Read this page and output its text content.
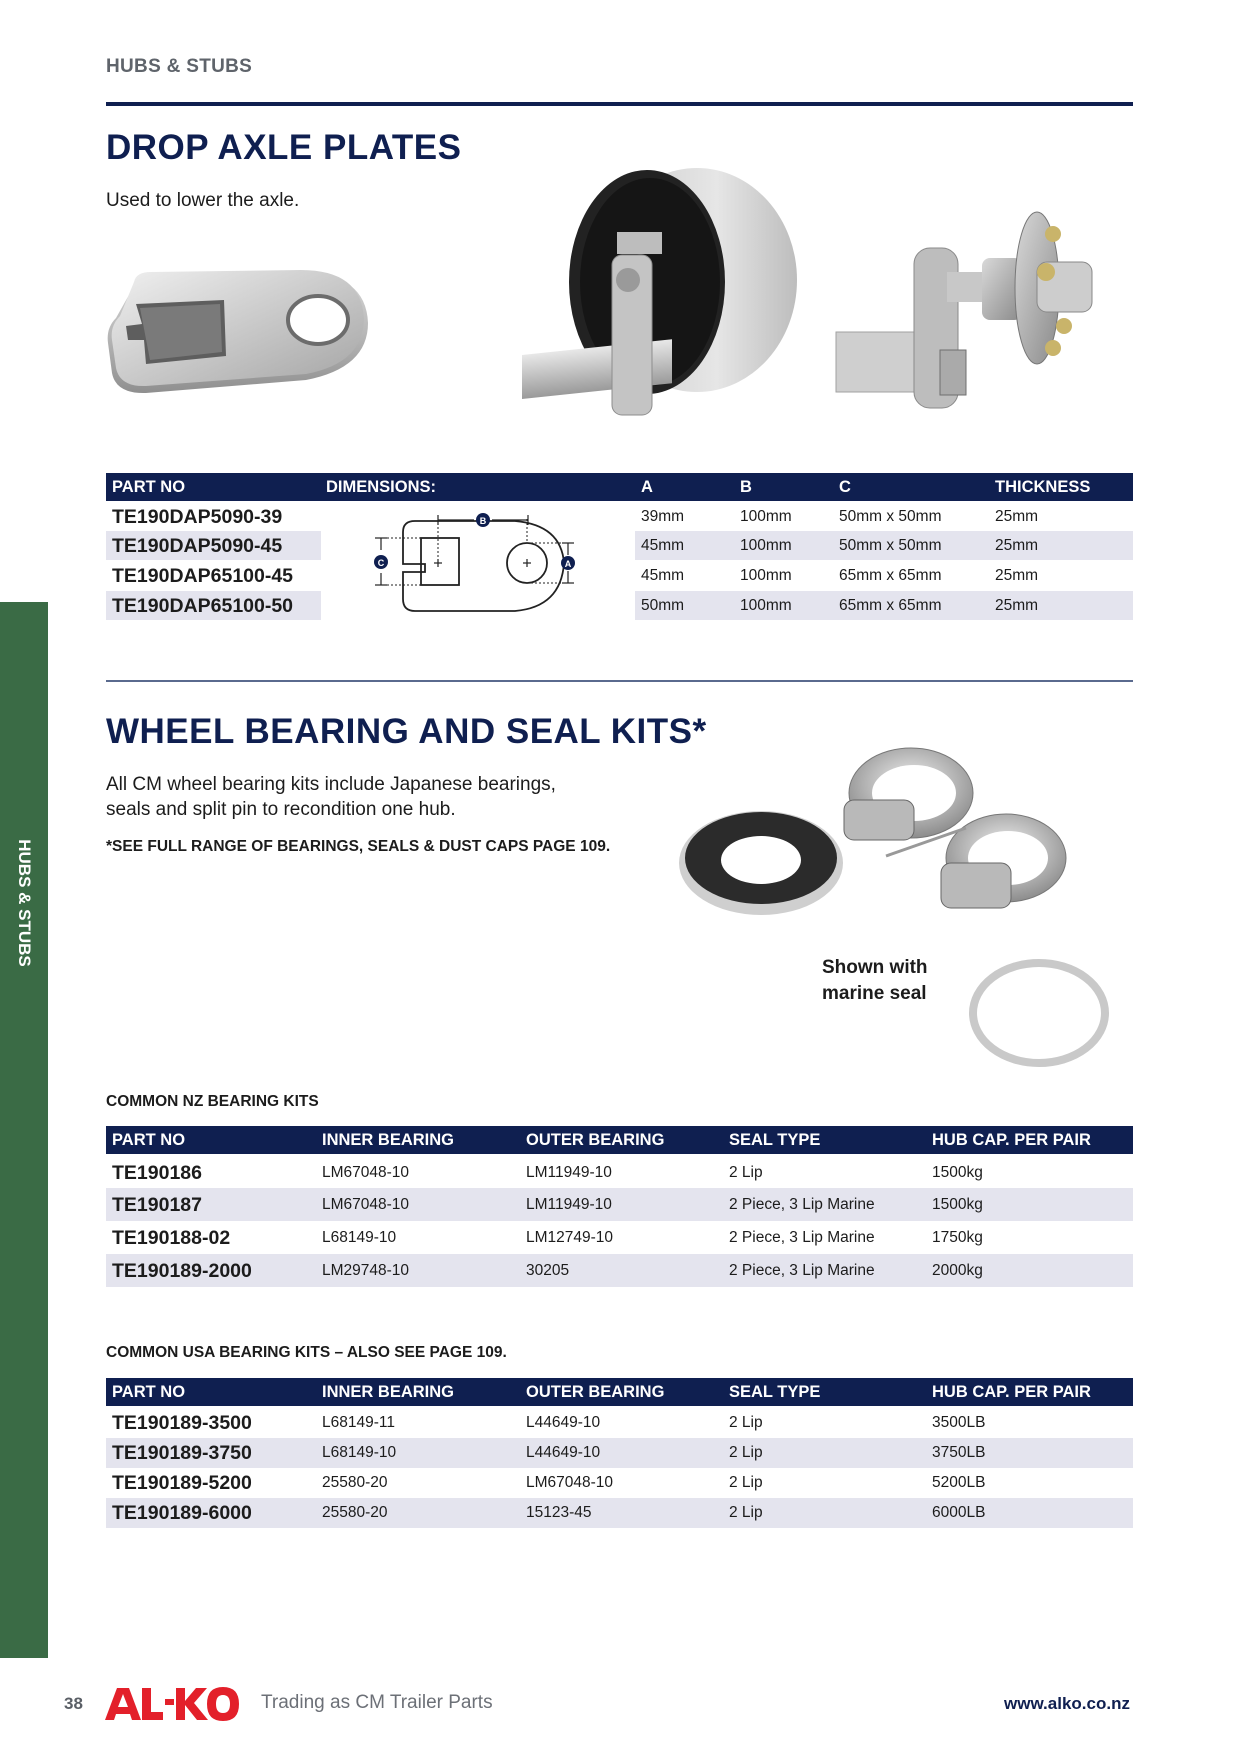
HUBS & STUBS
DROP AXLE PLATES
Used to lower the axle.
PART NO	DIMENSIONS:	A	B	C	THICKNESS
TE190DAP5090-39	39mm	100mm	50mm x 50mm	25mm
TE190DAP5090-45	45mm	100mm	50mm x 50mm	25mm
TE190DAP65100-45	45mm	100mm	65mm x 65mm	25mm
TE190DAP65100-50	50mm	100mm	65mm x 65mm	25mm
B
C	A
WHEEL BEARING AND SEAL KITS*
All CM wheel bearing kits include Japanese bearings,
seals and split pin to recondition one hub.
*SEE FULL RANGE OF BEARINGS, SEALS & DUST CAPS PAGE 109.
Shown with
marine seal
COMMON NZ BEARING KITS
PART NO	INNER BEARING	OUTER BEARING	SEAL TYPE	HUB CAP. PER PAIR
TE190186	LM67048-10	LM11949-10	2 Lip	1500kg
TE190187	LM67048-10	LM11949-10	2 Piece, 3 Lip Marine	1500kg
TE190188-02	L68149-10	LM12749-10	2 Piece, 3 Lip Marine	1750kg
TE190189-2000	LM29748-10	30205	2 Piece, 3 Lip Marine	2000kg
COMMON USA BEARING KITS – ALSO SEE PAGE 109.
PART NO	INNER BEARING	OUTER BEARING	SEAL TYPE	HUB CAP. PER PAIR
TE190189-3500	L68149-11	L44649-10	2 Lip	3500LB
TE190189-3750	L68149-10	L44649-10	2 Lip	3750LB
TE190189-5200	25580-20	LM67048-10	2 Lip	5200LB
TE190189-6000	25580-20	15123-45	2 Lip	6000LB
HUBS & STUBS
38	Trading as CM Trailer Parts	www.alko.co.nz
